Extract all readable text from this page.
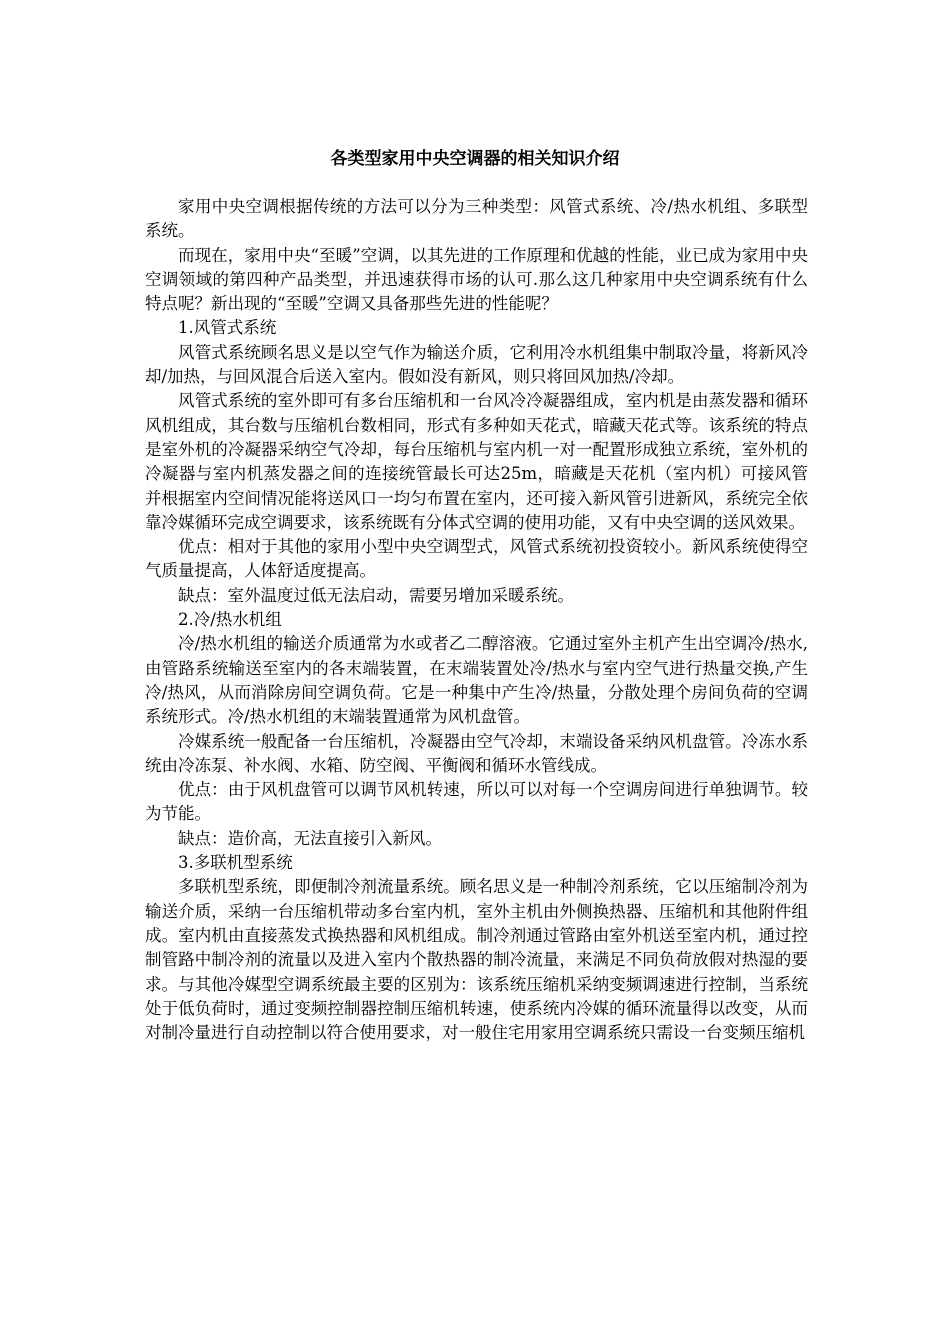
各类型家用中央空调器的相关知识介绍

家用中央空调根据传统的方法可以分为三种类型：风管式系统、冷/热水机组、多联型系统。

而现在，家用中央“至暖”空调，以其先进的工作原理和优越的性能，业已成为家用中央空调领域的第四种产品类型，并迅速获得市场的认可.那么这几种家用中央空调系统有什么特点呢？新出现的“至暖”空调又具备那些先进的性能呢？

1.风管式系统

风管式系统顾名思义是以空气作为输送介质，它利用冷水机组集中制取冷量，将新风冷却/加热，与回风混合后送入室内。假如没有新风，则只将回风加热/冷却。

风管式系统的室外即可有多台压缩机和一台风冷冷凝器组成，室内机是由蒸发器和循环风机组成，其台数与压缩机台数相同，形式有多种如天花式，暗藏天花式等。该系统的特点是室外机的冷凝器采纳空气冷却，每台压缩机与室内机一对一配置形成独立系统，室外机的冷凝器与室内机蒸发器之间的连接统管最长可达25m，暗藏是天花机（室内机）可接风管并根据室内空间情况能将送风口一均匀布置在室内，还可接入新风管引进新风，系统完全依靠冷媒循环完成空调要求，该系统既有分体式空调的使用功能，又有中央空调的送风效果。

优点：相对于其他的家用小型中央空调型式，风管式系统初投资较小。新风系统使得空气质量提高，人体舒适度提高。

缺点：室外温度过低无法启动，需要另增加采暖系统。

2.冷/热水机组

冷/热水机组的输送介质通常为水或者乙二醇溶液。它通过室外主机产生出空调冷/热水,由管路系统输送至室内的各末端装置，在末端装置处冷/热水与室内空气进行热量交换,产生冷/热风，从而消除房间空调负荷。它是一种集中产生冷/热量，分散处理个房间负荷的空调系统形式。冷/热水机组的末端装置通常为风机盘管。

冷媒系统一般配备一台压缩机，冷凝器由空气冷却，末端设备采纳风机盘管。冷冻水系统由冷冻泵、补水阀、水箱、防空阀、平衡阀和循环水管线成。

优点：由于风机盘管可以调节风机转速，所以可以对每一个空调房间进行单独调节。较为节能。

缺点：造价高，无法直接引入新风。

3.多联机型系统

多联机型系统，即便制冷剂流量系统。顾名思义是一种制冷剂系统，它以压缩制冷剂为输送介质，采纳一台压缩机带动多台室内机，室外主机由外侧换热器、压缩机和其他附件组成。室内机由直接蒸发式换热器和风机组成。制冷剂通过管路由室外机送至室内机，通过控制管路中制冷剂的流量以及进入室内个散热器的制冷流量，来满足不同负荷放假对热湿的要求。与其他冷媒型空调系统最主要的区别为：该系统压缩机采纳变频调速进行控制，当系统处于低负荷时，通过变频控制器控制压缩机转速，使系统内冷媒的循环流量得以改变，从而对制冷量进行自动控制以符合使用要求，对一般住宅用家用空调系统只需设一台变频压缩机
